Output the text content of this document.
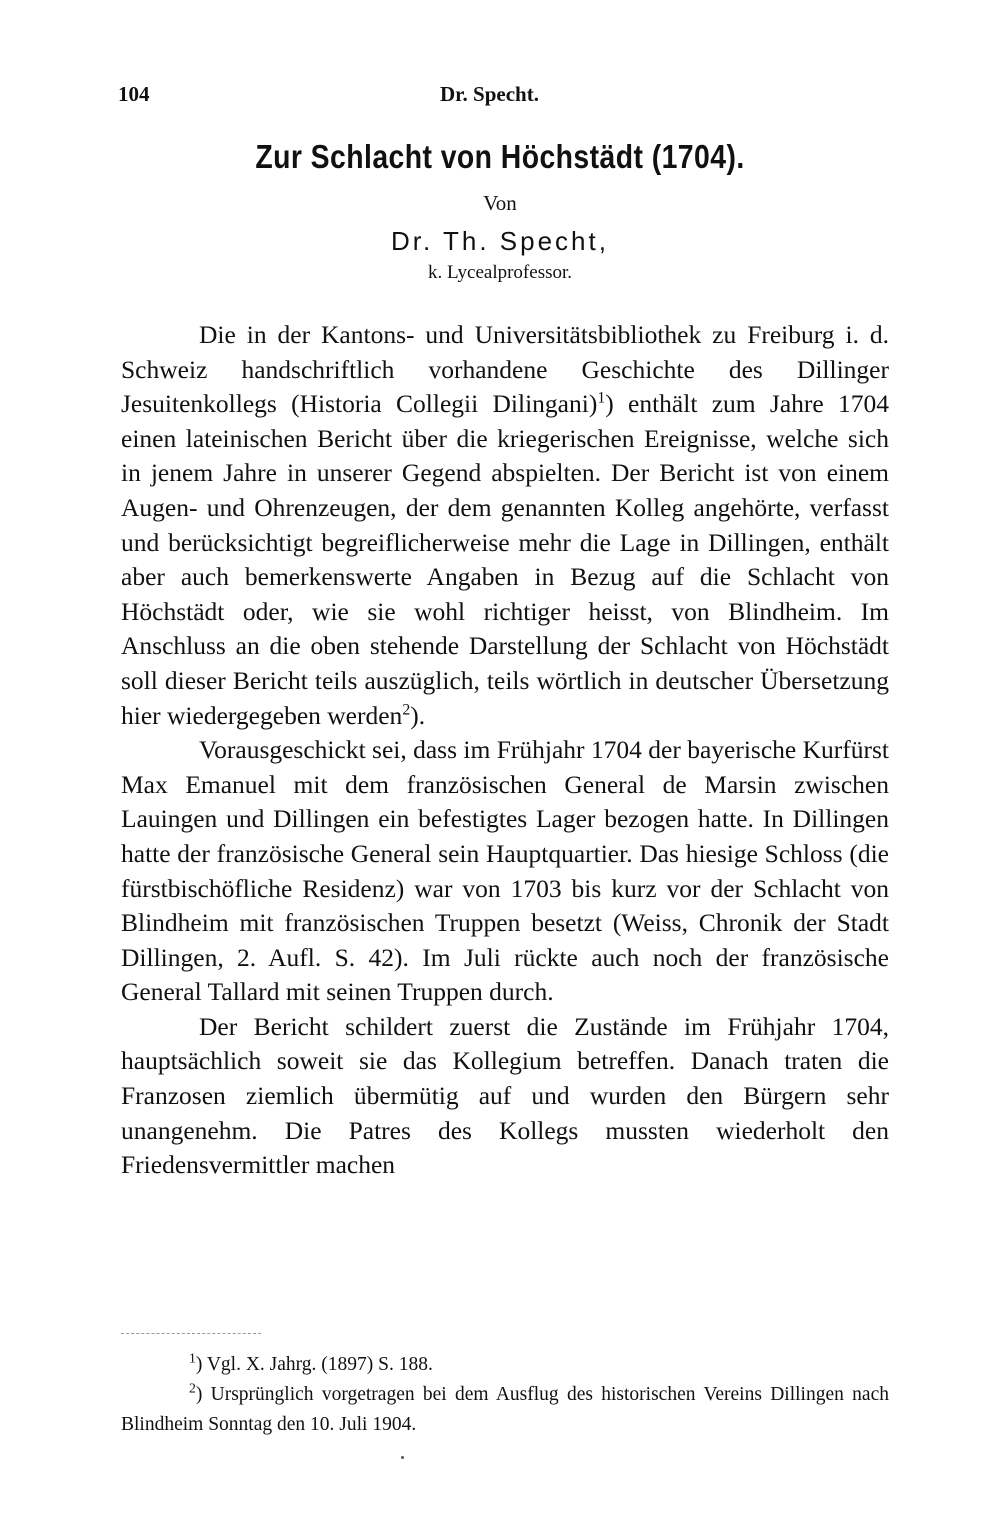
104	Dr. Specht.
Zur Schlacht von Höchstädt (1704).
Von
Dr. Th. Specht,
k. Lycealprofessor.

Die in der Kantons- und Universitätsbibliothek zu Freiburg i. d. Schweiz handschriftlich vorhandene Geschichte des Dillinger Jesuitenkollegs (Historia Collegii Dilingani)$^1$) enthält zum Jahre 1704 einen lateinischen Bericht über die kriegerischen Ereignisse, welche sich in jenem Jahre in unserer Gegend abspielten. Der Bericht ist von einem Augen- und Ohrenzeugen, der dem genannten Kolleg angehörte, verfasst und berücksichtigt begreiflicherweise mehr die Lage in Dillingen, enthält aber auch bemerkenswerte Angaben in Bezug auf die Schlacht von Höchstädt oder, wie sie wohl richtiger heisst, von Blindheim. Im Anschluss an die oben stehende Darstellung der Schlacht von Höchstädt soll dieser Bericht teils auszüglich, teils wörtlich in deutscher Übersetzung hier wiedergegeben werden$^2$).

Vorausgeschickt sei, dass im Frühjahr 1704 der bayerische Kurfürst Max Emanuel mit dem französischen General de Marsin zwischen Lauingen und Dillingen ein befestigtes Lager bezogen hatte. In Dillingen hatte der französische General sein Hauptquartier. Das hiesige Schloss (die fürstbischöfliche Residenz) war von 1703 bis kurz vor der Schlacht von Blindheim mit französischen Truppen besetzt (Weiss, Chronik der Stadt Dillingen, 2. Aufl. S. 42). Im Juli rückte auch noch der französische General Tallard mit seinen Truppen durch.

Der Bericht schildert zuerst die Zustände im Frühjahr 1704, hauptsächlich soweit sie das Kollegium betreffen. Danach traten die Franzosen ziemlich übermütig auf und wurden den Bürgern sehr unangenehm. Die Patres des Kollegs mussten wiederholt den Friedensvermittler machen

$^1$) Vgl. X. Jahrg. (1897) S. 188.

$^2$) Ursprünglich vorgetragen bei dem Ausflug des historischen Vereins Dillingen nach Blindheim Sonntag den 10. Juli 1904.
